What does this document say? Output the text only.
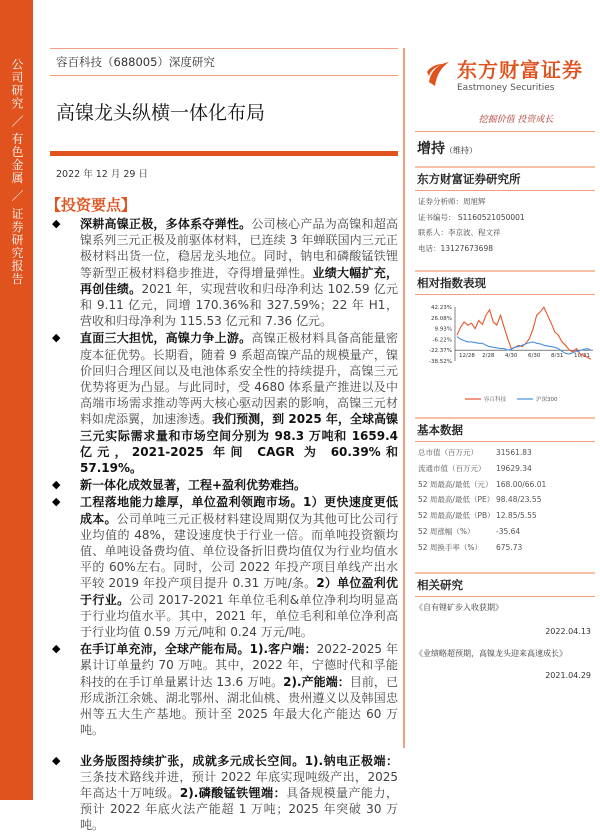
公司研究 ／ 有色金属 ／ 证券研究报告	容百科技（688005）深度研究
高镍龙头纵横一体化布局
2022 年 12 月 29 日
【投资要点】
◆ 深耕高镍正极，多体系夺弹性。公司核心产品为高镍和超高镍系列三元正极及前驱体材料，已连续 3 年蝉联国内三元正极材料出货一位，稳居龙头地位。同时，钠电和磷酸锰铁锂等新型正极材料稳步推进，夺得增量弹性。业绩大幅扩充，再创佳绩。2021 年，实现营收和归母净利达 102.59 亿元和 9.11 亿元，同增 170.36%和 327.59%；22 年 H1，营收和归母净利为 115.53 亿元和 7.36 亿元。
◆ 直面三大担忧，高镍力争上游。高镍正极材料具备高能量密度本征优势。长期看，随着 9 系超高镍产品的规模量产，镍价回归合理区间以及电池体系安全性的持续提升，高镍三元优势将更为凸显。与此同时，受 4680 体系量产推进以及中高端市场需求推动等两大核心驱动因素的影响，高镍三元材料如虎添翼，加速渗透。我们预测，到 2025 年，全球高镍三元实际需求量和市场空间分别为 98.3 万吨和 1659.4 亿元，2021-2025 年间 CAGR 为 60.39%和 57.19%。
◆ 新一体化成效显著，工程+盈利优势难挡。
◆ 工程落地能力雄厚，单位盈利领跑市场。1）更快速度更低成本。公司单吨三元正极材料建设周期仅为其他可比公司行业均值的 48%，建设速度快于行业一倍。而单吨投资额均值、单吨设备费均值、单位设备折旧费均值仅为行业均值水平的 60%左右。同时，公司 2022 年投产项目单线产出水平较 2019 年投产项目提升 0.31 万吨/条。2）单位盈利优于行业。公司 2017-2021 年单位毛利&单位净利均明显高于行业均值水平。其中，2021 年，单位毛利和单位净利高于行业均值 0.59 万元/吨和 0.24 万元/吨。
◆ 在手订单充沛，全球产能布局。1).客户端：2022-2025 年累计订单量约 70 万吨。其中，2022 年，宁德时代和孚能科技的在手订单量累计达 13.6 万吨。2).产能端：目前，已形成浙江余姚、湖北鄂州、湖北仙桃、贵州遵义以及韩国忠州等五大生产基地。预计至 2025 年最大化产能达 60 万吨。
◆ 业务版图持续扩张，成就多元成长空间。1).钠电正极端：三条技术路线并进，预计 2022 年底实现吨级产出，2025 年高达十万吨级。2).磷酸锰铁锂端：具备规模量产能力，预计 2022 年底火法产能超 1 万吨；2025 年突破 30 万吨。
东方财富证券
Eastmoney Securities
挖掘价值 投资成长
增持（维持）
东方财富证券研究所
证券分析师：周旭辉
证书编号： S1160521050001
联系人：李京波、程文祥
电话：13127673698
相对指数表现
42.23%
26.08%
9.93%
-6.22%
-22.37%
-38.52%
12/28 2/28 4/30 6/30 8/31 10/31
容百科技	沪深300
基本数据
总市值（百万元）	31561.83
流通市值（百万元）	19629.34
52 周最高/最低（元） 168.00/66.01
52 周最高/最低（PE） 98.48/23.55
52 周最高/最低（PB） 12.85/5.55
52 周涨幅（%）	-35.64
52 周换手率（%）	675.73
相关研究
《自有锂矿步入收获期》
2022.04.13
《业绩略超预期，高镍龙头迎来高速成长》
2021.04.29
